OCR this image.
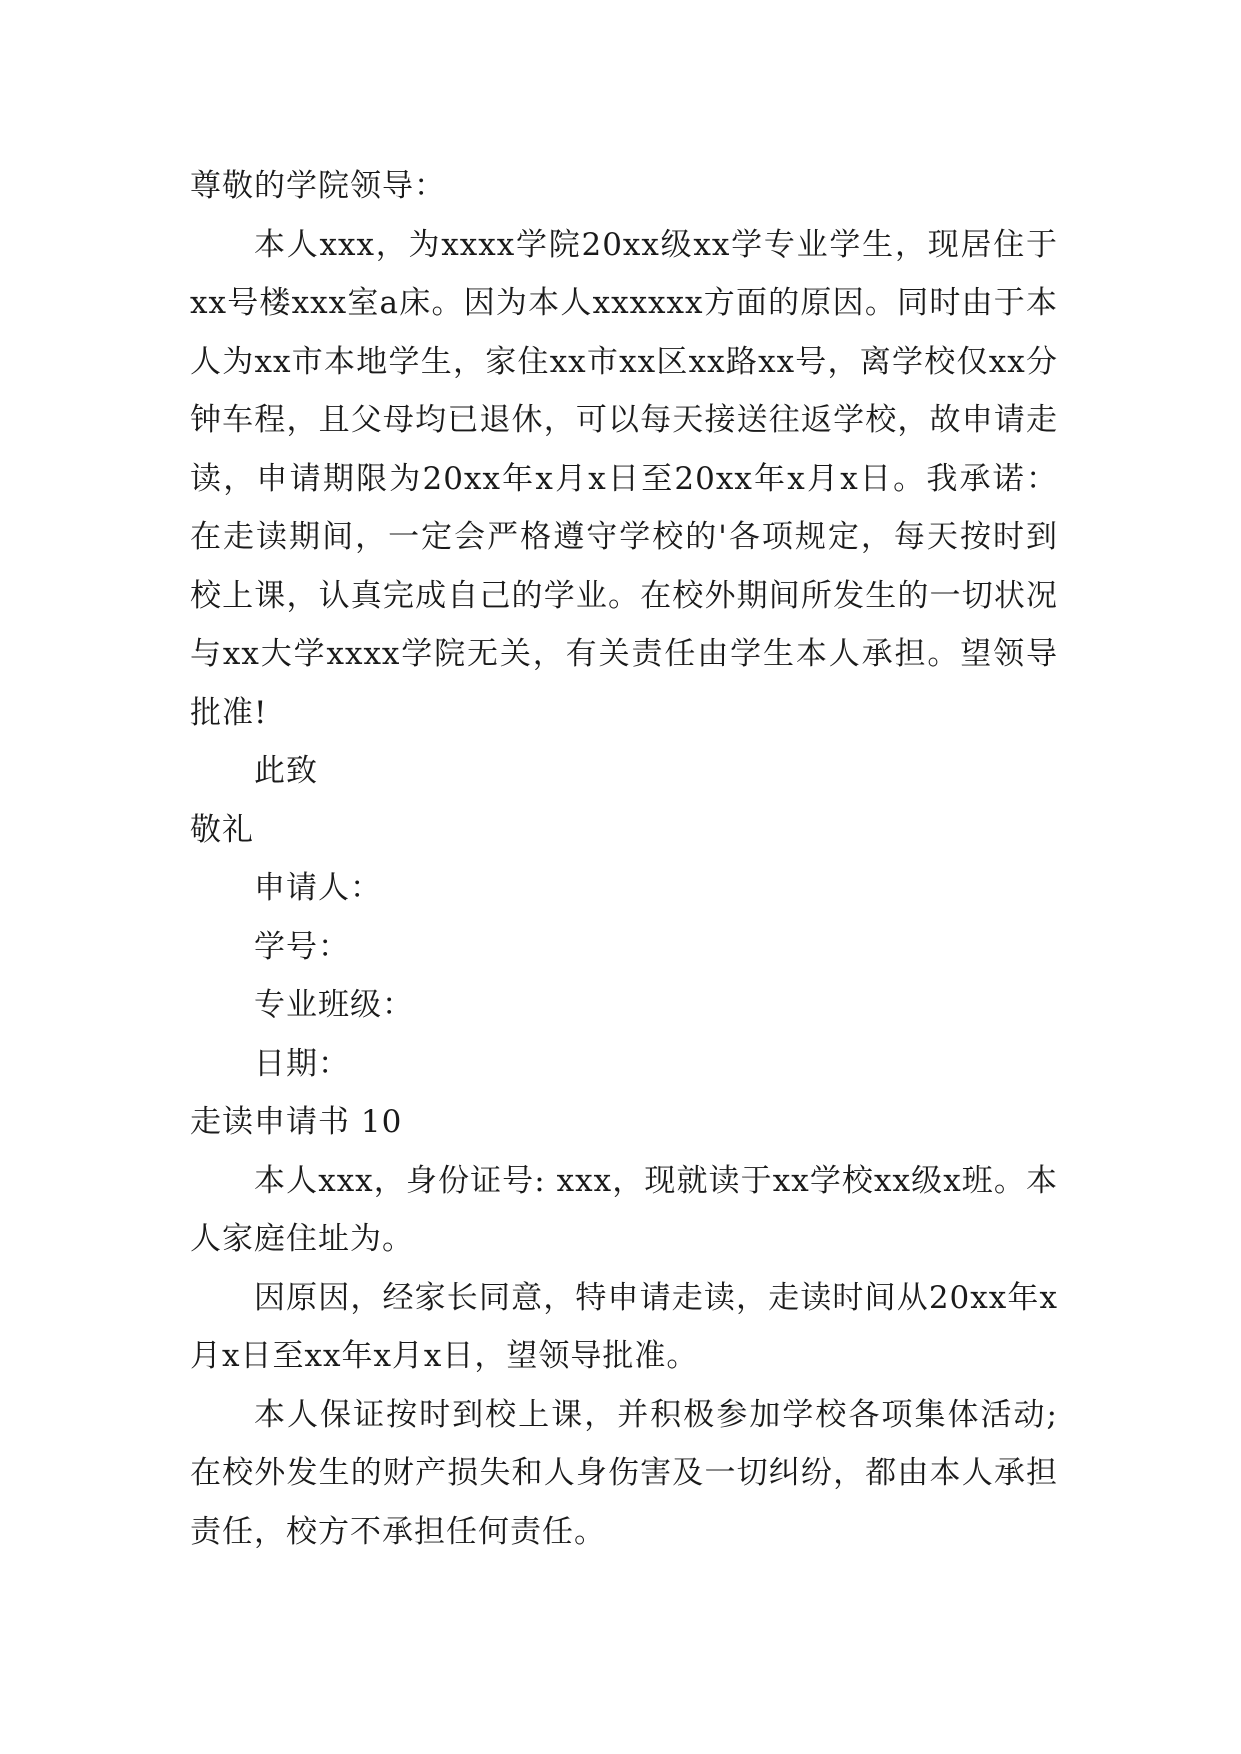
尊敬的学院领导：

本人xxx，为xxxx学院20xx级xx学专业学生，现居住于xx号楼xxx室a床。因为本人xxxxxx方面的原因。同时由于本人为xx市本地学生，家住xx市xx区xx路xx号，离学校仅xx分钟车程，且父母均已退休，可以每天接送往返学校，故申请走读，申请期限为20xx年x月x日至20xx年x月x日。我承诺：在走读期间，一定会严格遵守学校的'各项规定，每天按时到校上课，认真完成自己的学业。在校外期间所发生的一切状况与xx大学xxxx学院无关，有关责任由学生本人承担。望领导批准!

此致

敬礼

申请人：

学号：

专业班级：

日期：

走读申请书 10

本人xxx，身份证号: xxx，现就读于xx学校xx级x班。本人家庭住址为。

因原因，经家长同意，特申请走读，走读时间从20xx年x月x日至xx年x月x日，望领导批准。

本人保证按时到校上课，并积极参加学校各项集体活动;在校外发生的财产损失和人身伤害及一切纠纷，都由本人承担责任，校方不承担任何责任。
